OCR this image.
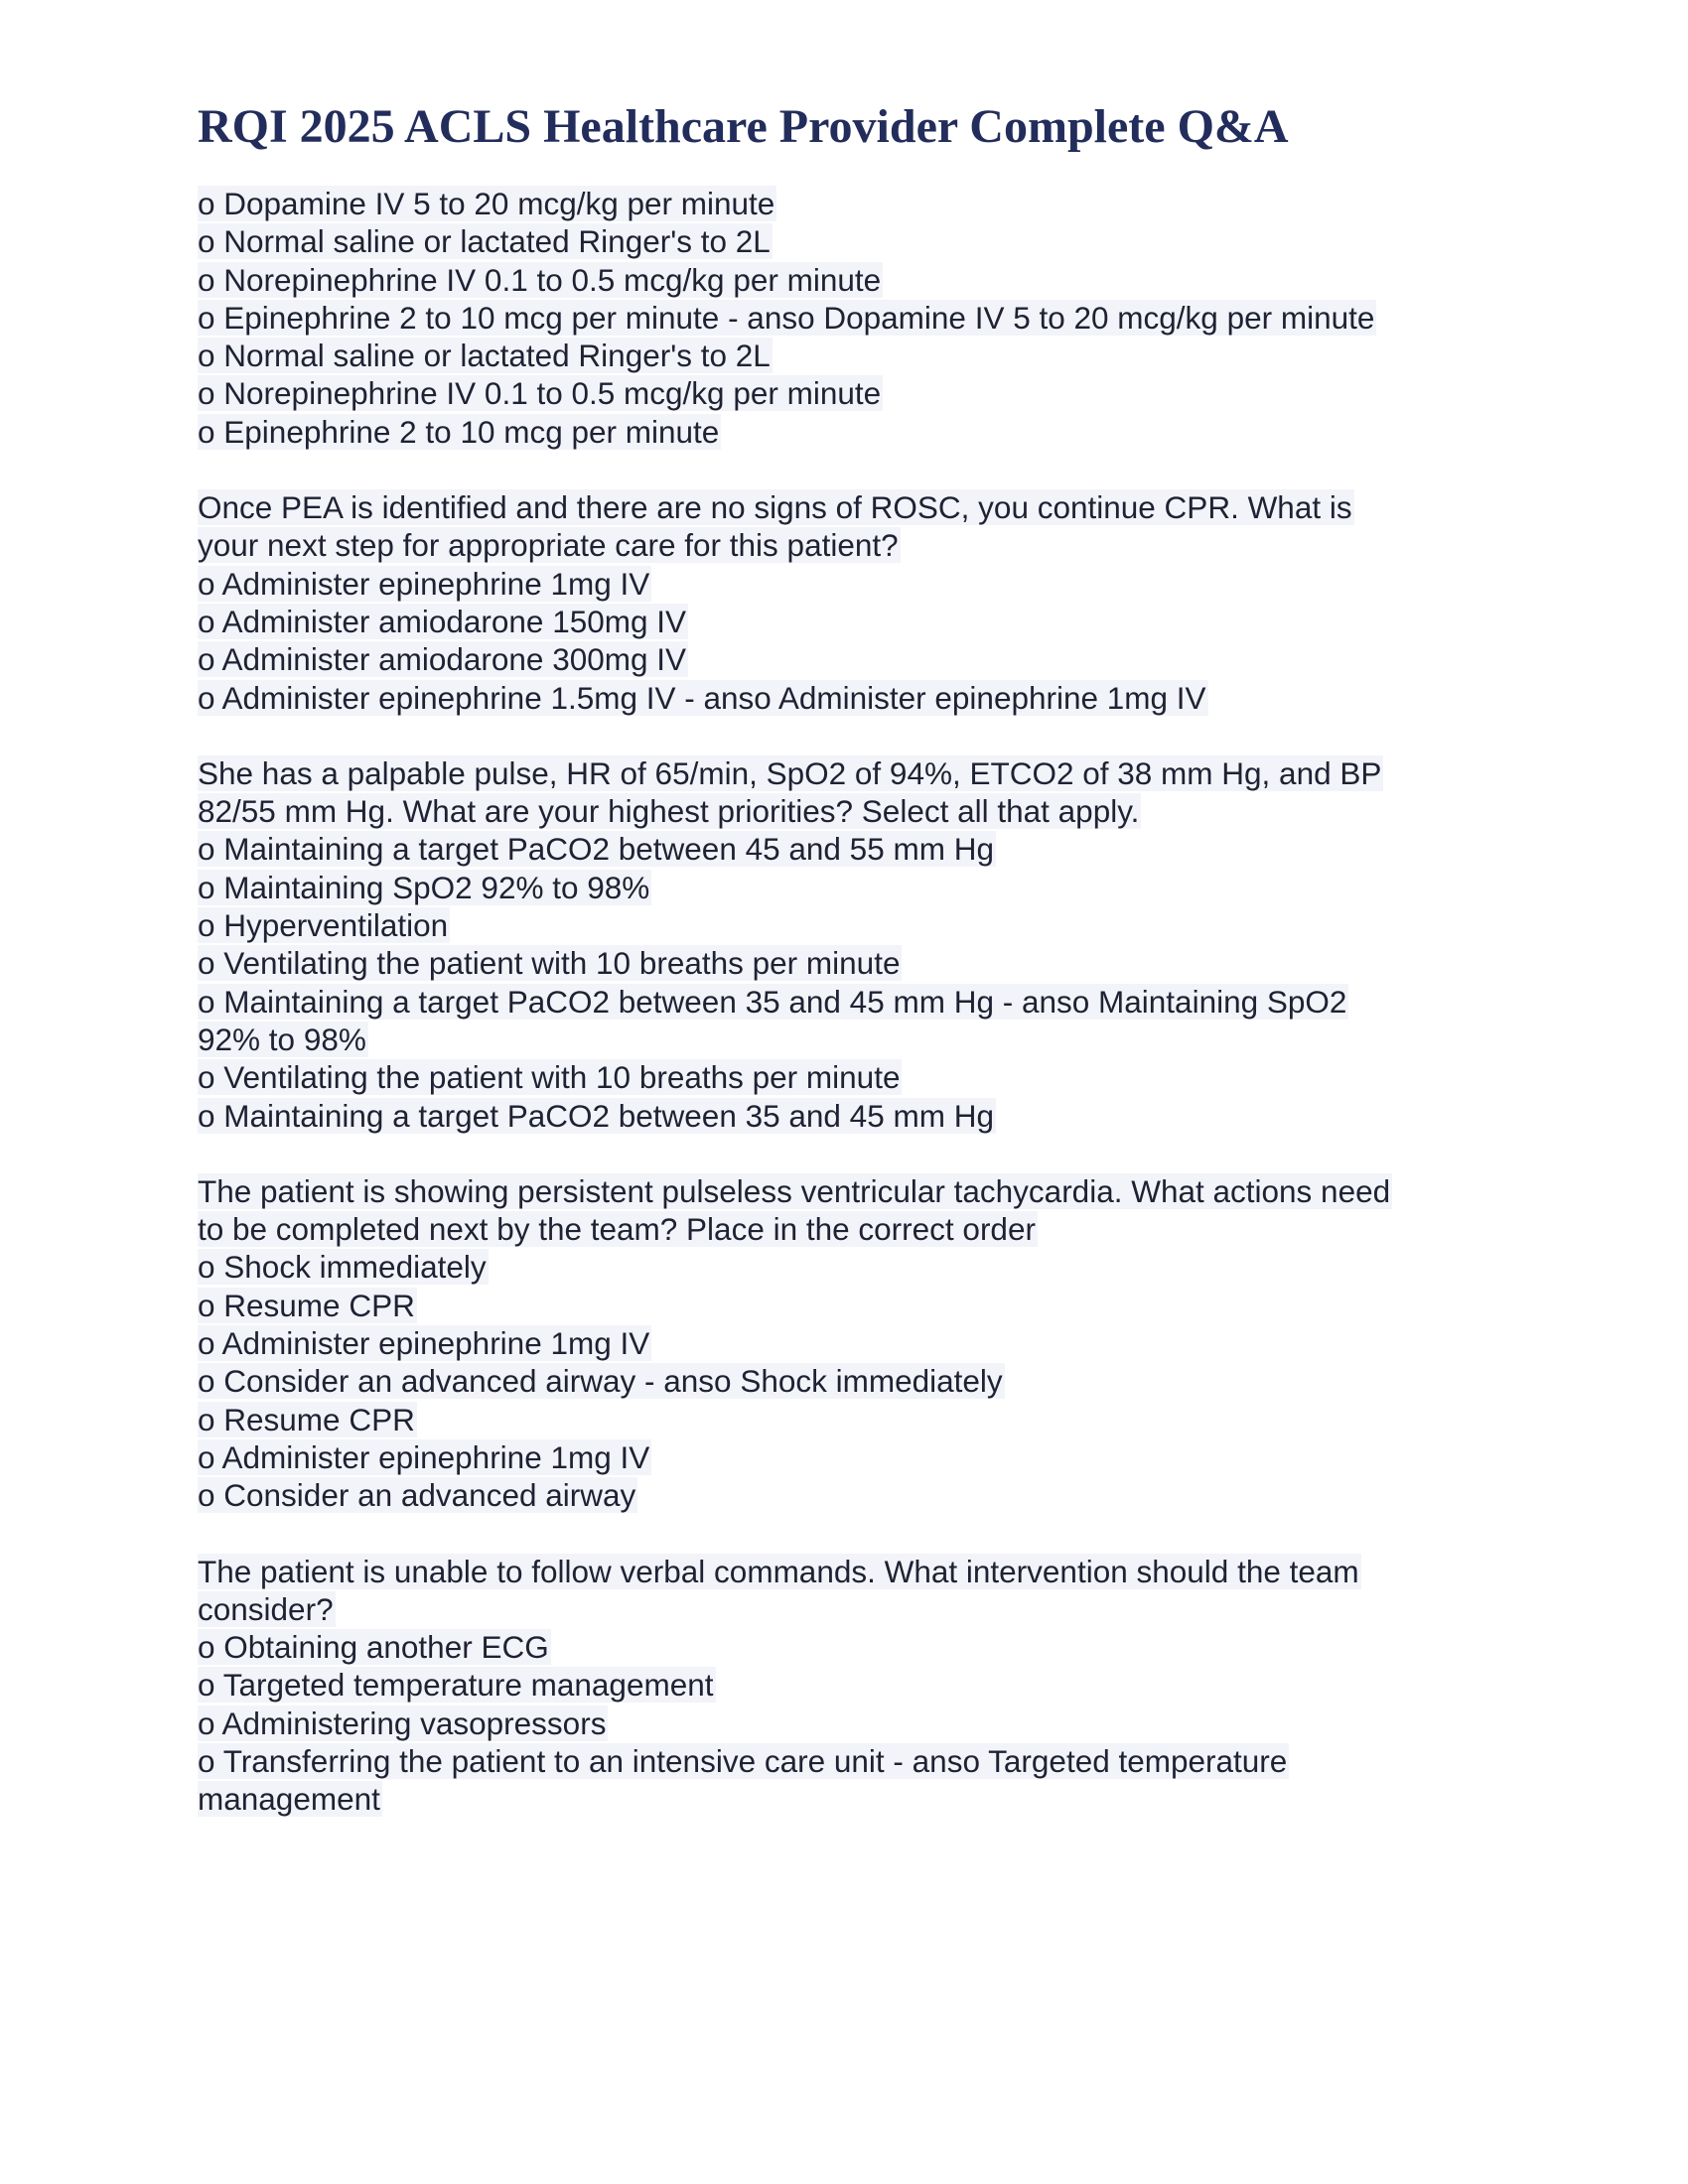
RQI 2025 ACLS Healthcare Provider Complete Q&A
o Dopamine IV 5 to 20 mcg/kg per minute
o Normal saline or lactated Ringer's to 2L
o Norepinephrine IV 0.1 to 0.5 mcg/kg per minute
o Epinephrine 2 to 10 mcg per minute - anso Dopamine IV 5 to 20 mcg/kg per minute
o Normal saline or lactated Ringer's to 2L
o Norepinephrine IV 0.1 to 0.5 mcg/kg per minute
o Epinephrine 2 to 10 mcg per minute
Once PEA is identified and there are no signs of ROSC, you continue CPR. What is
your next step for appropriate care for this patient?
o Administer epinephrine 1mg IV
o Administer amiodarone 150mg IV
o Administer amiodarone 300mg IV
o Administer epinephrine 1.5mg IV - anso Administer epinephrine 1mg IV
She has a palpable pulse, HR of 65/min, SpO2 of 94%, ETCO2 of 38 mm Hg, and BP
82/55 mm Hg. What are your highest priorities? Select all that apply.
o Maintaining a target PaCO2 between 45 and 55 mm Hg
o Maintaining SpO2 92% to 98%
o Hyperventilation
o Ventilating the patient with 10 breaths per minute
o Maintaining a target PaCO2 between 35 and 45 mm Hg - anso Maintaining SpO2
92% to 98%
o Ventilating the patient with 10 breaths per minute
o Maintaining a target PaCO2 between 35 and 45 mm Hg
The patient is showing persistent pulseless ventricular tachycardia. What actions need
to be completed next by the team? Place in the correct order
o Shock immediately
o Resume CPR
o Administer epinephrine 1mg IV
o Consider an advanced airway - anso Shock immediately
o Resume CPR
o Administer epinephrine 1mg IV
o Consider an advanced airway
The patient is unable to follow verbal commands. What intervention should the team
consider?
o Obtaining another ECG
o Targeted temperature management
o Administering vasopressors
o Transferring the patient to an intensive care unit - anso Targeted temperature
management
